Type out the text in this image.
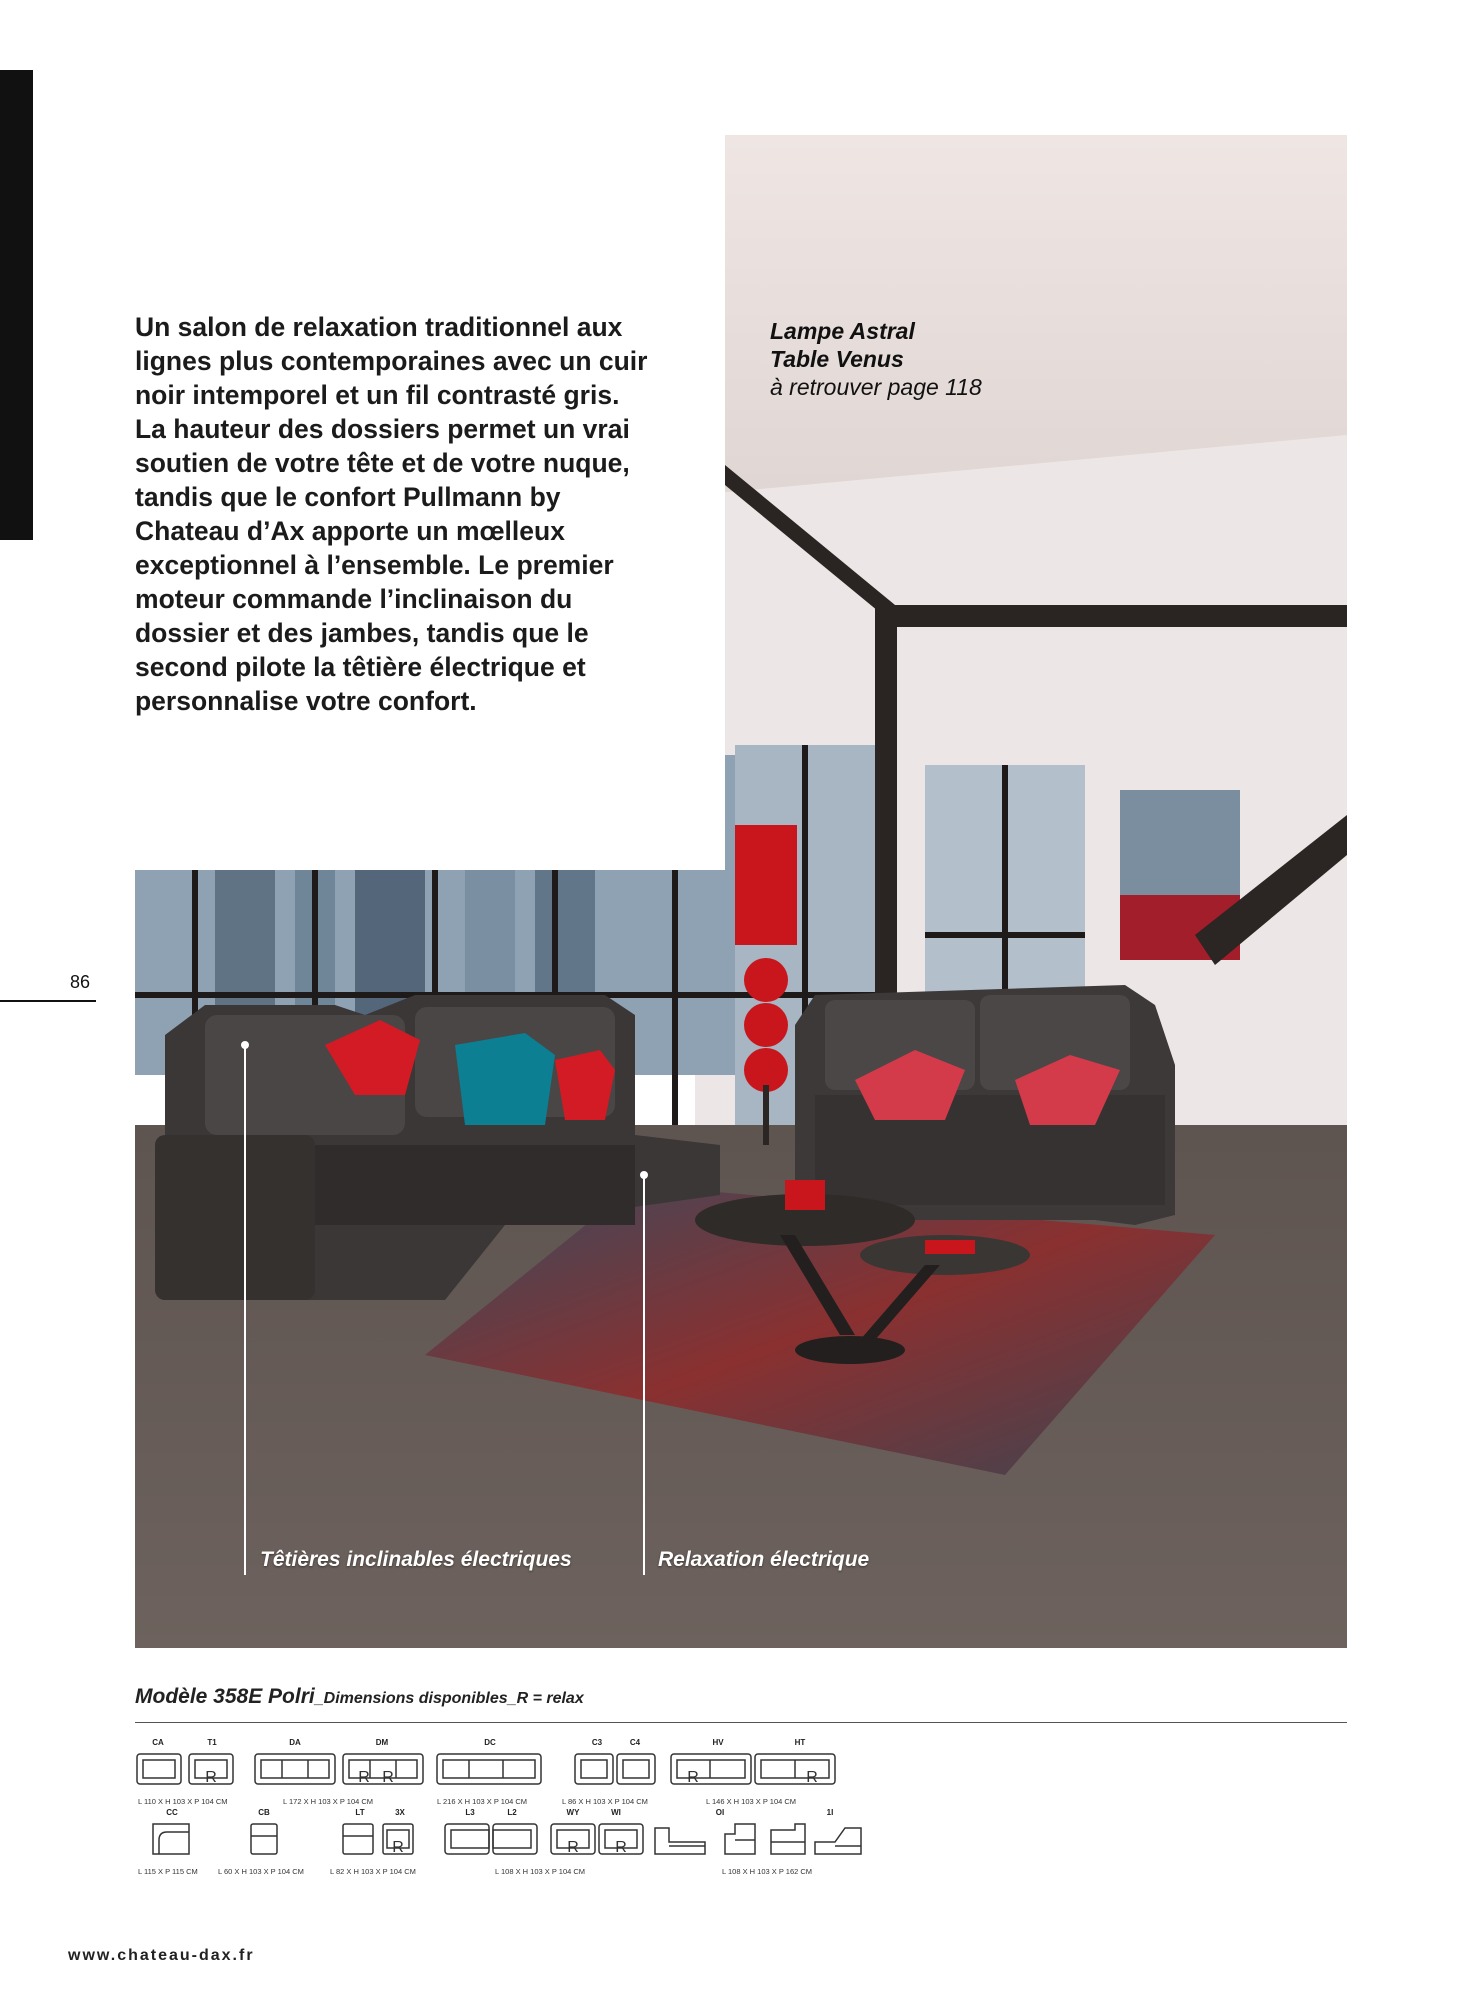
Un salon de relaxation traditionnel aux lignes plus contemporaines avec un cuir noir intemporel et un fil contrasté gris. La hauteur des dossiers permet un vrai soutien de votre tête et de votre nuque, tandis que le confort Pullmann by Chateau d’Ax apporte un mœlleux exceptionnel à l’ensemble. Le premier moteur commande l’inclinaison du dossier et des jambes, tandis que le second pilote la têtière électrique et personnalise votre confort.

Lampe Astral
Table Venus
à retrouver page 118
Têtières inclinables électriques	Relaxation électrique
86
Modèle 358E Polri_Dimensions disponibles_R = relax
CA	T1	DA	DM	DC	C3	C4	HV	HT
R	R R	R	R
L 110 X H 103 X P 104 CM	L 172 X H 103 X P 104 CM	L 216 X H 103 X P 104 CM	L 86 X H 103 X P 104 CM	L 146 X H 103 X P 104 CM
CC	CB	LT	3X	L3	L2	WY	WI	OI	1I
R	R R
L 115 X P 115 CM	L 60 X H 103 X P 104 CM	L 82 X H 103 X P 104 CM	L 108 X H 103 X P 104 CM	L 108 X H 103 X P 162 CM
www.chateau-dax.fr
